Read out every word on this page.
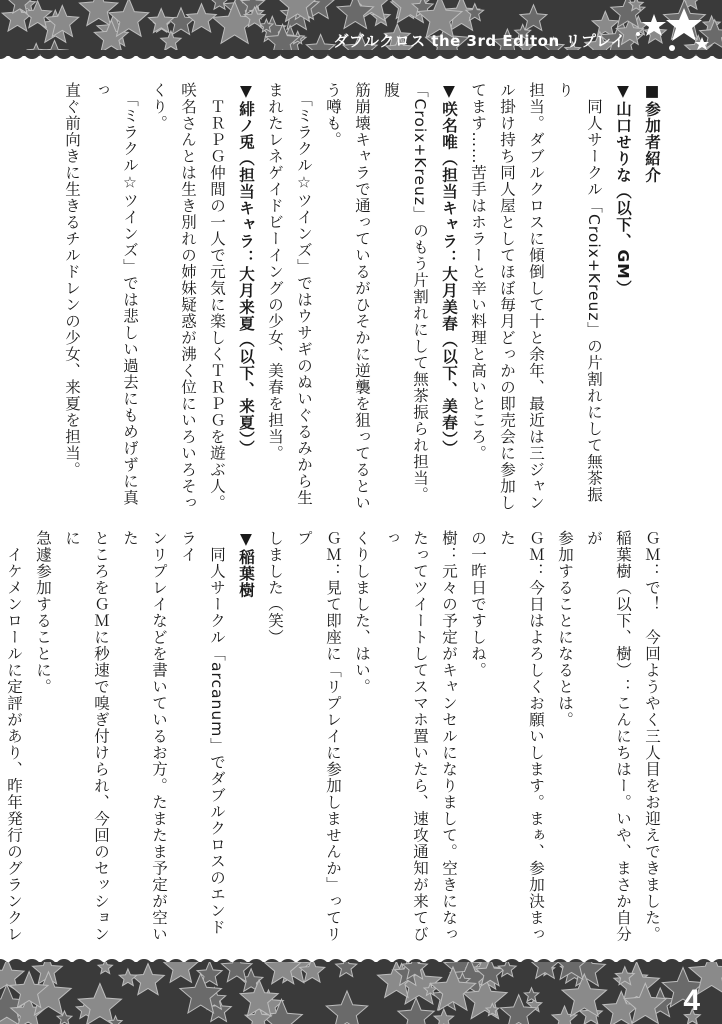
ダブルクロス the 3rd Editon リプレイ
■参加者紹介
▼山口せりな（以下、GM）
　同人サークル「Croix+Kreuz」の片割れにして無茶振り
担当。ダブルクロスに傾倒して十と余年、最近は三ジャン
ル掛け持ち同人屋としてほぼ毎月どっかの即売会に参加し
てます……苦手はホラーと辛い料理と高いところ。
▼咲名唯（担当キャラ：大月美春（以下、美春））
「Croix+Kreuz」のもう片割れにして無茶振られ担当。腹
筋崩壊キャラで通っているがひそかに逆襲を狙ってるとい
う噂も。
　「ミラクル☆ツインズ」ではウサギのぬいぐるみから生
まれたレネゲイドビーイングの少女、美春を担当。
▼緋ノ兎（担当キャラ：大月来夏（以下、来夏））
　ＴＲＰＧ仲間の一人で元気に楽しくＴＲＰＧを遊ぶ人。
咲名さんとは生き別れの姉妹疑惑が沸く位にいろいろそっ
くり。
　「ミラクル☆ツインズ」では悲しい過去にもめげずに真っ
直ぐ前向きに生きるチルドレンの少女、来夏を担当。
ＧＭ：で！　今回ようやく三人目をお迎えできました。
稲葉樹（以下、樹）：こんにちはー。いや、まさか自分が
参加することになるとは。
ＧＭ：今日はよろしくお願いします。まぁ、参加決まった
の一昨日ですしね。
樹：元々の予定がキャンセルになりまして。空きになっ
たってツイートしてスマホ置いたら、速攻通知が来てびっ
くりしました、はい。
ＧＭ：見て即座に「リプレイに参加しませんか」ってリプ
しました（笑）
▼稲葉樹
　同人サークル「arcanum」でダブルクロスのエンドライ
ンリプレイなどを書いているお方。たまたま予定が空いた
ところをＧＭに秒速で嗅ぎ付けられ、今回のセッションに
急遽参加することに。
　イケメンロールに定評があり、昨年発行のグランクレ
4
